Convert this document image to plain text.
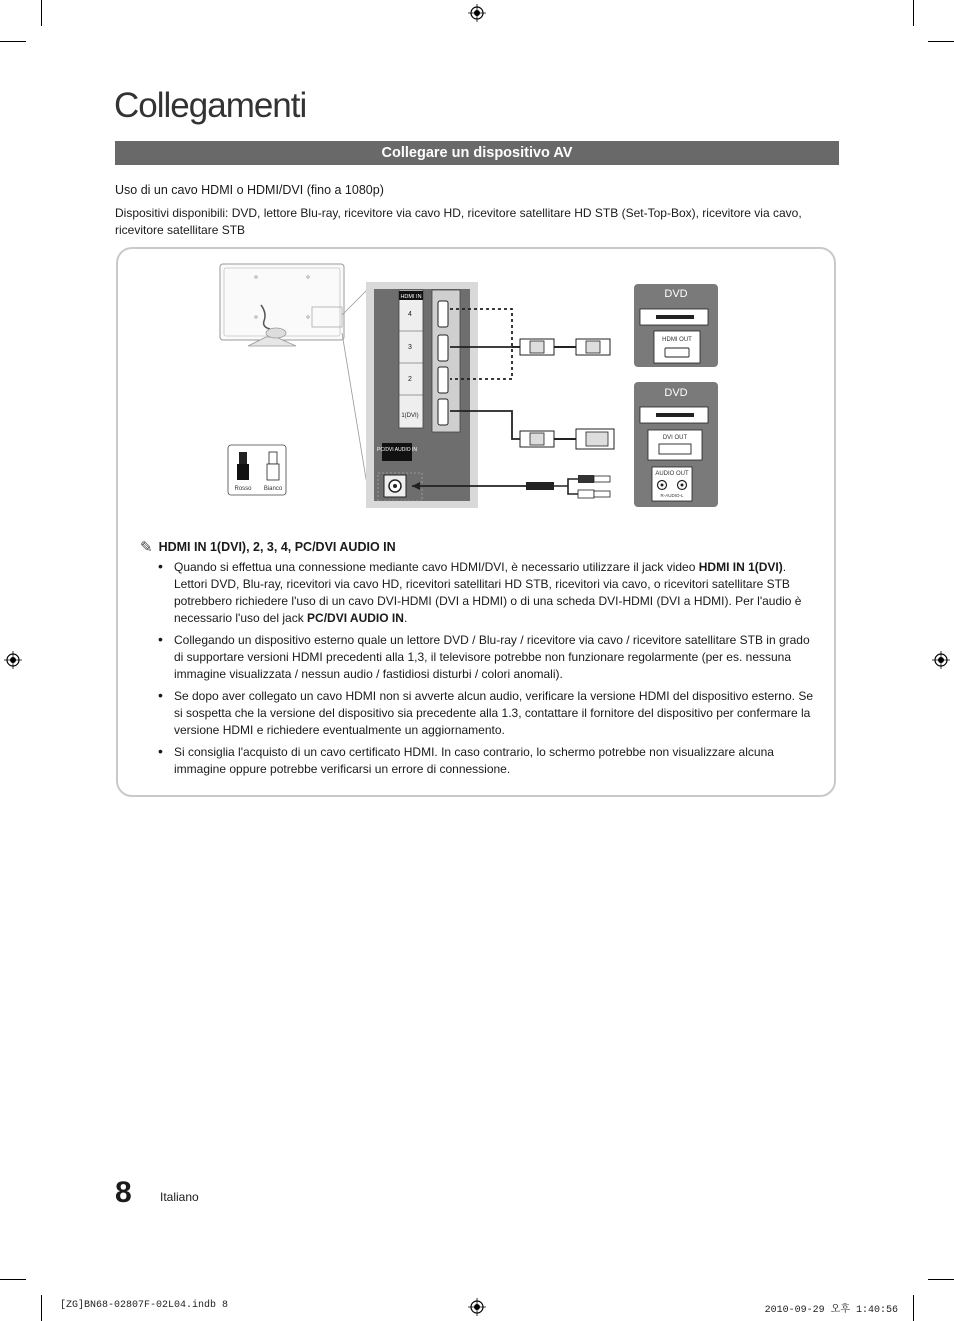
Collegamenti
Collegare un dispositivo AV
Uso di un cavo HDMI o HDMI/DVI (fino a 1080p)
Dispositivi disponibili: DVD, lettore Blu-ray, ricevitore via cavo HD, ricevitore satellitare HD STB (Set-Top-Box), ricevitore via cavo, ricevitore satellitare STB
HDMI IN
4
3
2
1(DVI)
PC/DVI AUDIO IN
Rosso Bianco
DVD
HDMI OUT
DVD
DVI OUT
AUDIO OUT
R-AUDIO-L
✎ HDMI IN 1(DVI), 2, 3, 4, PC/DVI AUDIO IN
• Quando si effettua una connessione mediante cavo HDMI/DVI, è necessario utilizzare il jack video HDMI IN 1(DVI). Lettori DVD, Blu-ray, ricevitori via cavo HD, ricevitori satellitari HD STB, ricevitori via cavo, o ricevitori satellitare STB potrebbero richiedere l'uso di un cavo DVI-HDMI (DVI a HDMI) o di una scheda DVI-HDMI (DVI a HDMI). Per l'audio è necessario l'uso del jack PC/DVI AUDIO IN.
• Collegando un dispositivo esterno quale un lettore DVD / Blu-ray / ricevitore via cavo / ricevitore satellitare STB in grado di supportare versioni HDMI precedenti alla 1,3, il televisore potrebbe non funzionare regolarmente (per es. nessuna immagine visualizzata / nessun audio / fastidiosi disturbi / colori anomali).
• Se dopo aver collegato un cavo HDMI non si avverte alcun audio, verificare la versione HDMI del dispositivo esterno. Se si sospetta che la versione del dispositivo sia precedente alla 1.3, contattare il fornitore del dispositivo per confermare la versione HDMI e richiedere eventualmente un aggiornamento.
• Si consiglia l'acquisto di un cavo certificato HDMI. In caso contrario, lo schermo potrebbe non visualizzare alcuna immagine oppure potrebbe verificarsi un errore di connessione.
8 Italiano
[ZG]BN68-02807F-02L04.indb 8	2010-09-29 오후 1:40:56
